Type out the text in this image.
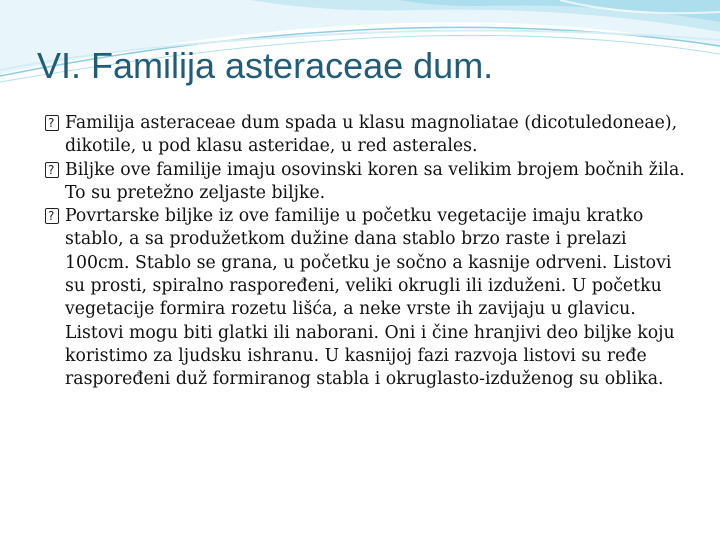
VI. Familija asteraceae dum.
?
Familija asteraceae dum spada u klasu magnoliatae (dicotuledoneae), dikotile, u pod klasu asteridae, u red asterales.
?
Biljke ove familije imaju osovinski koren sa velikim brojem bočnih žila. To su pretežno zeljaste biljke.
?
Povrtarske biljke iz ove familije u početku vegetacije imaju kratko stablo, a sa produžetkom dužine dana stablo brzo raste i prelazi 100cm. Stablo se grana, u početku je sočno a kasnije odrveni. Listovi su prosti, spiralno raspoređeni, veliki okrugli ili izduženi. U početku vegetacije formira rozetu lišća, a neke vrste ih zavijaju u glavicu. Listovi mogu biti glatki ili naborani. Oni i čine hranjivi deo biljke koju koristimo za ljudsku ishranu. U kasnijoj fazi razvoja listovi su ređe raspoređeni duž formiranog stabla i okruglasto-izduženog su oblika.
